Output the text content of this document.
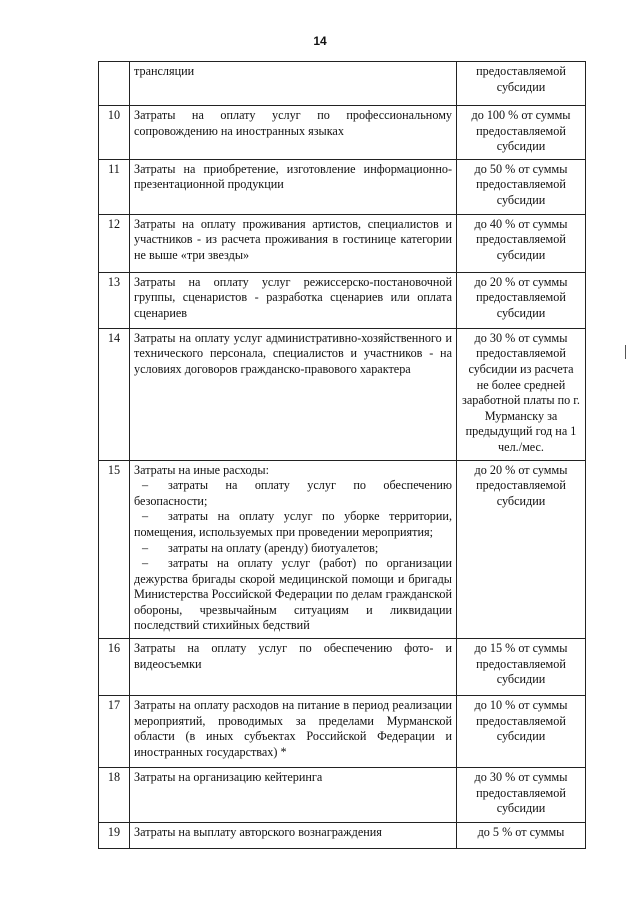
14
	трансляции	предоставляемой субсидии
10	Затраты на оплату услуг по профессиональному сопровождению на иностранных языках	до 100 % от суммы предоставляемой субсидии
11	Затраты на приобретение, изготовление информационно-презентационной продукции	до 50 % от суммы предоставляемой субсидии
12	Затраты на оплату проживания артистов, специалистов и участников - из расчета проживания в гостинице категории не выше «три звезды»	до 40 % от суммы предоставляемой субсидии
13	Затраты на оплату услуг режиссерско-постановочной группы, сценаристов - разработка сценариев или оплата сценариев	до 20 % от суммы предоставляемой субсидии
14	Затраты на оплату услуг административно-хозяйственного и технического персонала, специалистов и участников - на условиях договоров гражданско-правового характера	до 30 % от суммы предоставляемой субсидии из расчета не более средней заработной платы по г. Мурманску за предыдущий год на 1 чел./мес.
15	Затраты на иные расходы:
– затраты на оплату услуг по обеспечению безопасности;
– затраты на оплату услуг по уборке территории, помещения, используемых при проведении мероприятия;
– затраты на оплату (аренду) биотуалетов;
– затраты на оплату услуг (работ) по организации дежурства бригады скорой медицинской помощи и бригады Министерства Российской Федерации по делам гражданской обороны, чрезвычайным ситуациям и ликвидации последствий стихийных бедствий	до 20 % от суммы предоставляемой субсидии
16	Затраты на оплату услуг по обеспечению фото- и видеосъемки	до 15 % от суммы предоставляемой субсидии
17	Затраты на оплату расходов на питание в период реализации мероприятий, проводимых за пределами Мурманской области (в иных субъектах Российской Федерации и иностранных государствах) *	до 10 % от суммы предоставляемой субсидии
18	Затраты на организацию кейтеринга	до 30 % от суммы предоставляемой субсидии
19	Затраты на выплату авторского вознаграждения	до 5 % от суммы
